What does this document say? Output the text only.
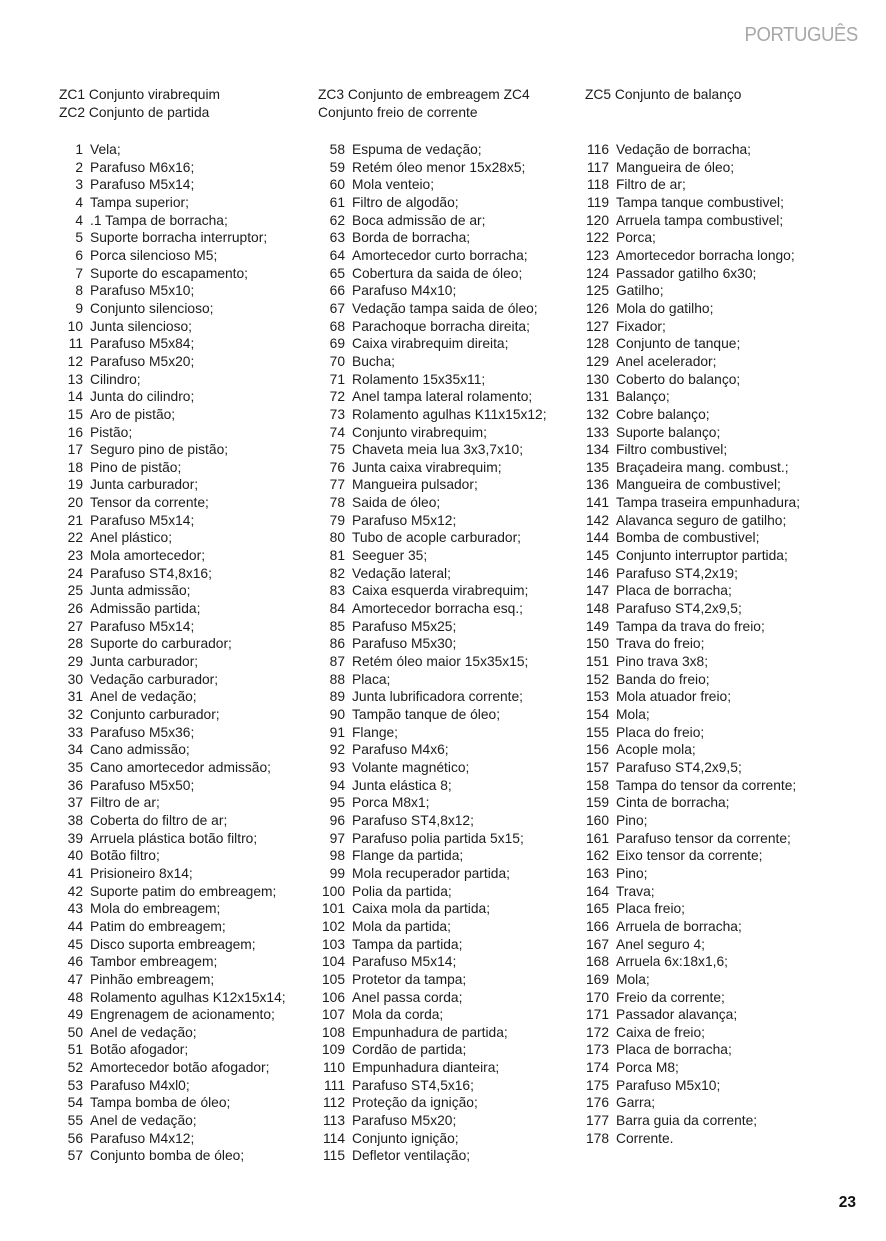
PORTUGUÊS
ZC1 Conjunto virabrequim
ZC2 Conjunto de partida
ZC3 Conjunto de embreagem ZC4
Conjunto freio de corrente
ZC5 Conjunto de balanço
1 Vela;
2 Parafuso M6x16;
3 Parafuso M5x14;
4 Tampa superior;
4 .1 Tampa de borracha;
5 Suporte borracha interruptor;
6 Porca silencioso M5;
7 Suporte do escapamento;
8 Parafuso M5x10;
9 Conjunto silencioso;
10 Junta silencioso;
11 Parafuso M5x84;
12 Parafuso M5x20;
13 Cilindro;
14 Junta do cilindro;
15 Aro de pistão;
16 Pistão;
17 Seguro pino de pistão;
18 Pino de pistão;
19 Junta carburador;
20 Tensor da corrente;
21 Parafuso M5x14;
22 Anel plástico;
23 Mola amortecedor;
24 Parafuso ST4,8x16;
25 Junta admissão;
26 Admissão partida;
27 Parafuso M5x14;
28 Suporte do carburador;
29 Junta carburador;
30 Vedação carburador;
31 Anel de vedação;
32 Conjunto carburador;
33 Parafuso M5x36;
34 Cano admissão;
35 Cano amortecedor admissão;
36 Parafuso M5x50;
37 Filtro de ar;
38 Coberta do filtro de ar;
39 Arruela plástica botão filtro;
40 Botão filtro;
41 Prisioneiro 8x14;
42 Suporte patim do embreagem;
43 Mola do embreagem;
44 Patim do embreagem;
45 Disco suporta embreagem;
46 Tambor embreagem;
47 Pinhão embreagem;
48 Rolamento agulhas K12x15x14;
49 Engrenagem de acionamento;
50 Anel de vedação;
51 Botão afogador;
52 Amortecedor botão afogador;
53 Parafuso M4xl0;
54 Tampa bomba de óleo;
55 Anel de vedação;
56 Parafuso M4x12;
57 Conjunto bomba de óleo;
58 Espuma de vedação;
59 Retém óleo menor 15x28x5;
60 Mola venteio;
61 Filtro de algodão;
62 Boca admissão de ar;
63 Borda de borracha;
64 Amortecedor curto borracha;
65 Cobertura da saida de óleo;
66 Parafuso M4x10;
67 Vedação tampa saida de óleo;
68 Parachoque borracha direita;
69 Caixa virabrequim direita;
70 Bucha;
71 Rolamento 15x35x11;
72 Anel tampa lateral rolamento;
73 Rolamento agulhas K11x15x12;
74 Conjunto virabrequim;
75 Chaveta meia lua 3x3,7x10;
76 Junta caixa virabrequim;
77 Mangueira pulsador;
78 Saida de óleo;
79 Parafuso M5x12;
80 Tubo de acople carburador;
81 Seeguer 35;
82 Vedação lateral;
83 Caixa esquerda virabrequim;
84 Amortecedor borracha esq.;
85 Parafuso M5x25;
86 Parafuso M5x30;
87 Retém óleo maior 15x35x15;
88 Placa;
89 Junta lubrificadora corrente;
90 Tampão tanque de óleo;
91 Flange;
92 Parafuso M4x6;
93 Volante magnético;
94 Junta elástica 8;
95 Porca M8x1;
96 Parafuso ST4,8x12;
97 Parafuso polia partida 5x15;
98 Flange da partida;
99 Mola recuperador partida;
100 Polia da partida;
101 Caixa mola da partida;
102 Mola da partida;
103 Tampa da partida;
104 Parafuso M5x14;
105 Protetor da tampa;
106 Anel passa corda;
107 Mola da corda;
108 Empunhadura de partida;
109 Cordão de partida;
110 Empunhadura dianteira;
111 Parafuso ST4,5x16;
112 Proteção da ignição;
113 Parafuso M5x20;
114 Conjunto ignição;
115 Defletor ventilação;
116 Vedação de borracha;
117 Mangueira de óleo;
118 Filtro de ar;
119 Tampa tanque combustivel;
120 Arruela tampa combustivel;
122 Porca;
123 Amortecedor borracha longo;
124 Passador gatilho 6x30;
125 Gatilho;
126 Mola do gatilho;
127 Fixador;
128 Conjunto de tanque;
129 Anel acelerador;
130 Coberto do balanço;
131 Balanço;
132 Cobre balanço;
133 Suporte balanço;
134 Filtro combustivel;
135 Braçadeira mang. combust.;
136 Mangueira de combustivel;
141 Tampa traseira empunhadura;
142 Alavanca seguro de gatilho;
144 Bomba de combustivel;
145 Conjunto interruptor partida;
146 Parafuso ST4,2x19;
147 Placa de borracha;
148 Parafuso ST4,2x9,5;
149 Tampa da trava do freio;
150 Trava do freio;
151 Pino trava 3x8;
152 Banda do freio;
153 Mola atuador freio;
154 Mola;
155 Placa do freio;
156 Acople mola;
157 Parafuso ST4,2x9,5;
158 Tampa do tensor da corrente;
159 Cinta de borracha;
160 Pino;
161 Parafuso tensor da corrente;
162 Eixo tensor da corrente;
163 Pino;
164 Trava;
165 Placa freio;
166 Arruela de borracha;
167 Anel seguro 4;
168 Arruela 6x:18x1,6;
169 Mola;
170 Freio da corrente;
171 Passador alavança;
172 Caixa de freio;
173 Placa de borracha;
174 Porca M8;
175 Parafuso M5x10;
176 Garra;
177 Barra guia da corrente;
178 Corrente.
23
